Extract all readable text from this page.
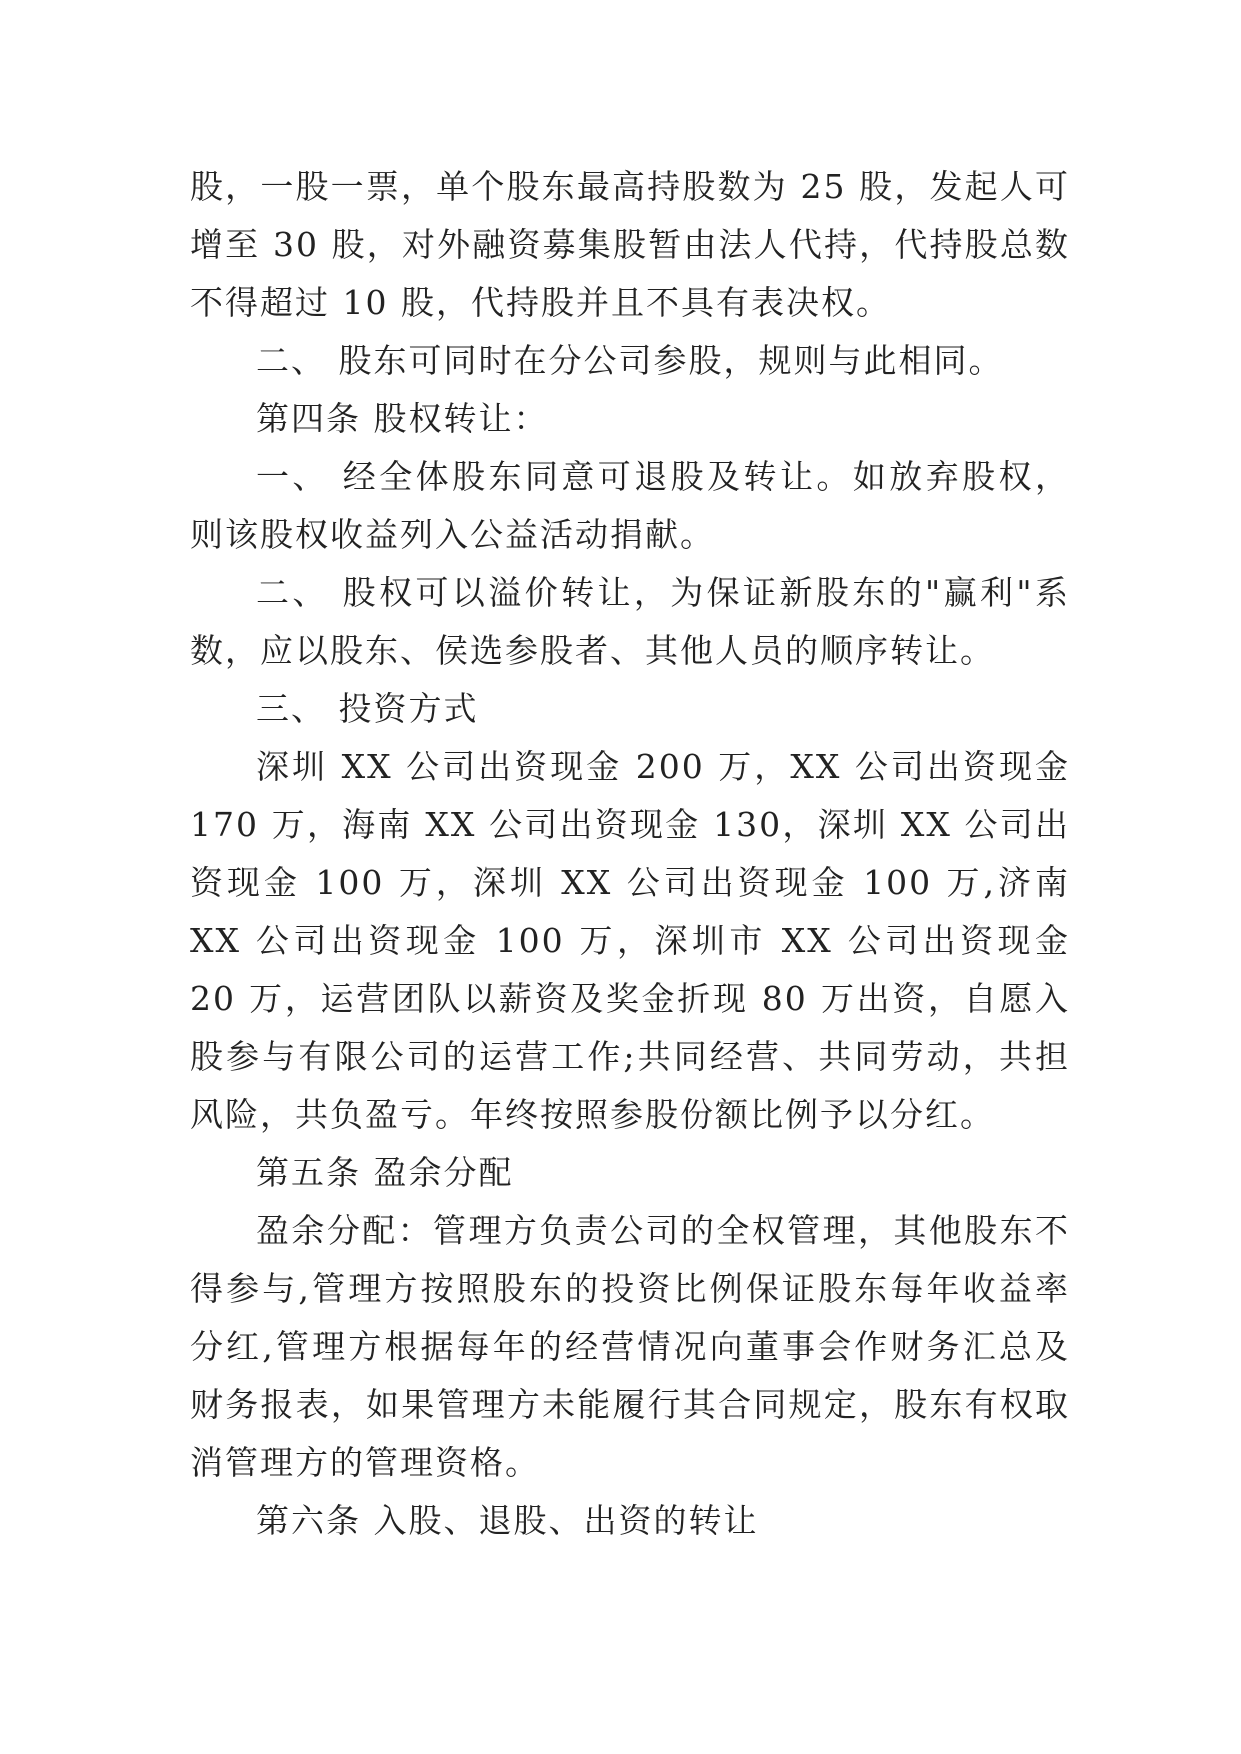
股，一股一票，单个股东最高持股数为 25 股，发起人可增至 30 股，对外融资募集股暂由法人代持，代持股总数不得超过 10 股，代持股并且不具有表决权。

二、 股东可同时在分公司参股，规则与此相同。

第四条 股权转让：

一、 经全体股东同意可退股及转让。如放弃股权，则该股权收益列入公益活动捐献。

二、 股权可以溢价转让，为保证新股东的"赢利"系数，应以股东、侯选参股者、其他人员的顺序转让。

三、 投资方式

深圳 XX 公司出资现金 200 万，XX 公司出资现金 170 万，海南 XX 公司出资现金 130，深圳 XX 公司出资现金 100 万，深圳 XX 公司出资现金 100 万,济南 XX 公司出资现金 100 万，深圳市 XX 公司出资现金 20 万，运营团队以薪资及奖金折现 80 万出资，自愿入股参与有限公司的运营工作;共同经营、共同劳动，共担风险，共负盈亏。年终按照参股份额比例予以分红。

第五条 盈余分配

盈余分配：管理方负责公司的全权管理，其他股东不得参与,管理方按照股东的投资比例保证股东每年收益率分红,管理方根据每年的经营情况向董事会作财务汇总及财务报表，如果管理方未能履行其合同规定，股东有权取消管理方的管理资格。

第六条 入股、退股、出资的转让
